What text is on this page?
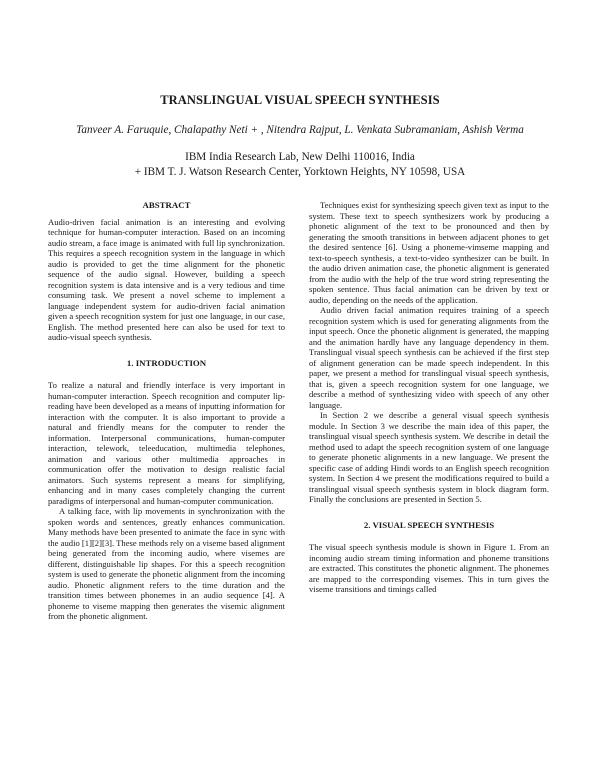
TRANSLINGUAL VISUAL SPEECH SYNTHESIS
Tanveer A. Faruquie, Chalapathy Neti + , Nitendra Rajput, L. Venkata Subramaniam, Ashish Verma
IBM India Research Lab, New Delhi 110016, India
+ IBM T. J. Watson Research Center, Yorktown Heights, NY 10598, USA
ABSTRACT

Audio-driven facial animation is an interesting and evolving technique for human-computer interaction. Based on an incoming audio stream, a face image is animated with full lip synchronization. This requires a speech recognition system in the language in which audio is provided to get the time alignment for the phonetic sequence of the audio signal. However, building a speech recognition system is data intensive and is a very tedious and time consuming task. We present a novel scheme to implement a language independent system for audio-driven facial animation given a speech recognition system for just one language, in our case, English. The method presented here can also be used for text to audio-visual speech synthesis.

1. INTRODUCTION

To realize a natural and friendly interface is very important in human-computer interaction. Speech recognition and computer lip-reading have been developed as a means of inputting information for interaction with the computer. It is also important to provide a natural and friendly means for the computer to render the information. Interpersonal communications, human-computer interaction, telework, teleeducation, multimedia telephones, animation and various other multimedia approaches in communication offer the motivation to design realistic facial animators. Such systems represent a means for simplifying, enhancing and in many cases completely changing the current paradigms of interpersonal and human-computer communication.

A talking face, with lip movements in synchronization with the spoken words and sentences, greatly enhances communication. Many methods have been presented to animate the face in sync with the audio [1][2][3]. These methods rely on a viseme based alignment being generated from the incoming audio, where visemes are different, distinguishable lip shapes. For this a speech recognition system is used to generate the phonetic alignment from the incoming audio. Phonetic alignment refers to the time duration and the transition times between phonemes in an audio sequence [4]. A phoneme to viseme mapping then generates the visemic alignment from the phonetic alignment.

Techniques exist for synthesizing speech given text as input to the system. These text to speech synthesizers work by producing a phonetic alignment of the text to be pronounced and then by generating the smooth transitions in between adjacent phones to get the desired sentence [6]. Using a phoneme-vimseme mapping and text-to-speech synthesis, a text-to-video synthesizer can be built. In the audio driven animation case, the phonetic alignment is generated from the audio with the help of the true word string representing the spoken sentence. Thus facial animation can be driven by text or audio, depending on the needs of the application.

Audio driven facial animation requires training of a speech recognition system which is used for generating alignments from the input speech. Once the phonetic alignment is generated, the mapping and the animation hardly have any language dependency in them. Translingual visual speech synthesis can be achieved if the first step of alignment generation can be made speech independent. In this paper, we present a method for translingual visual speech synthesis, that is, given a speech recognition system for one language, we describe a method of synthesizing video with speech of any other language.

In Section 2 we describe a general visual speech synthesis module. In Section 3 we describe the main idea of this paper, the translingual visual speech synthesis system. We describe in detail the method used to adapt the speech recognition system of one language to generate phonetic alignments in a new language. We present the specific case of adding Hindi words to an English speech recognition system. In Section 4 we present the modifications required to build a translingual visual speech synthesis system in block diagram form. Finally the conclusions are presented in Section 5.

2. VISUAL SPEECH SYNTHESIS

The visual speech synthesis module is shown in Figure 1. From an incoming audio stream timing information and phoneme transitions are extracted. This constitutes the phonetic alignment. The phonemes are mapped to the corresponding visemes. This in turn gives the viseme transitions and timings called
